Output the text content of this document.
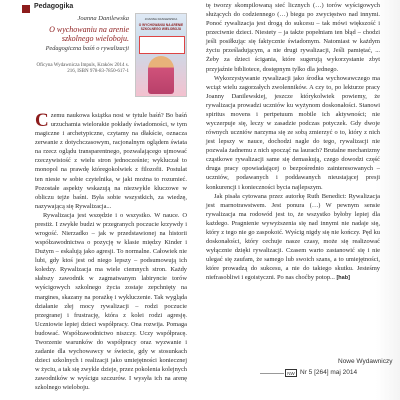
Pedagogika
Joanna Danilewska
O wychowaniu na arenie szkolnego wieloboju.
Pedagogiczna baśń o rywalizacji
Oficyna Wydawnicza Impuls, Kraków 2014 s. 216, ISBN 978-83-7850-617-1
JOANNA DANILEWSKA
O WYCHOWANIU NA ARENIE SZKOLNEGO WIELOBOJU

Czemu naukowa książka nosi w tytule baśń? Bo baśń urzuchamia wielorakie pokłady świadomości, w tym magiczne i archetypiczne, czytamy na dłakście, oznacza zerwanie z dotychczasowym, racjonalnym oglądem świata na rzecz oglądu transparentnego, pozwalającego ujmować rzeczywistość z wielu stron jednocześnie; wykluczał to monopol na prawdę któregokolwiek z filozofii. Postulat ten niesie w sobie czytelnika, w jaki można to rozumieć. Pozostałe aspekty wskazują na niezwykle kluczowe w obliczu tejże baśni. Była sobie wszystkich, za wiedzę, nazywającą się Rywalizacja...

Rywalizacja jest wszędzie i o wszystko. W nauce. O prestiż. I zwykłe budzi w przegranych poczucie krzywdy i wrogość. Nierzadko – jak w przedstawionej na historii współzawodnictwa o pozycję w klasie między Kinder i Dużym – eskalują jako agresji. To normalne. Całowiek nie lubi, gdy ktoś jest od niego lepszy – podsumowują ich koledzy. Rywalizacja ma wiele ciemnych stron. Każdy słabszy zawodnik w zagmatwanym labiryncie torów wyścigowych szkolnego życia zostaje zepchnięty na margines, skazany na porażkę i wykluczenie. Tak wygląda działanie złej mocy rywalizacji – rodzi poczucie przegranej i frustrację, która z kolei rodzi agresję. Uczniowie lepiej dzieci współpracy. Ona rozwija. Pomaga budować. Współzawodnictwo niszczy. Uczy współpracę. Tworzenie warunków do współpracy oraz wyzwanie i zadanie dla wychowawcy w świecie, gdy w stosunkach dzieci szkolnych i realizacji jako umiejętności koniecznej w życiu, a tak się zwykle dzieje, przez pokolenia kolejnych zawodników w wyścigu szczurów. I wysyła ich na arenę szkolnego wieloboju.

tę tworzy skompilowaną sieć licznych (…) torów wyścigowych służących do codziennego (…) biegu po zwycięstwo nad innymi. Ponoć rywalizacja jest drogą do sukcesu – tak mówi większość i przeciwnie dzieci. Niestety – ja także popełniam ten błąd – chodzi jeśli posiłkując się faktycznie świadomym. Natomiast w każdym życiu prześladującym, a nie drugi rywalizacji, Jeśli pamiętać, ... Żeby za dzieci ścigania, które sugerują wykorzystanie zbyt przyjaźnie bibliotece, dostępnym tylko dla jednego.

Wykorzystywanie rywalizacji jako środka wychowawczego ma wciąż wielu zagorzałych zwolenników. A czy to, po lekturze pracy Joanny Danilewskiej, jeszcze którykolwiek powiemy, że rywalizacja prowadzi uczniów ku wyżynom doskonałości. Stanowi spiritus movens i pertpetuum mobile ich aktywności; nie wyczerpuje się, leczy w zasadzie podczas potyczek. Gdy dwoje równych uczniów narzyma się ze sobą zmierzyć o to, który z nich jest lepszy w nauce, dochodzi nagle do tego, rywalizacji nie pozwala żadnemu z nich spocząć na laurach? Brutalne mechanizmy cząstkowe rywalizacji same się demaskują, czego dowodzi część druga pracy opowiadającej o bezpośrednio zainteresowanych – uczniów, podawanych i poddawanych nieustającej presji konkurencji i konieczności bycia najlepszym.

Jak pisała cytowana przez autorkę Ruth Benedict: Rywalizacja jest marnotrawstwem. Jest ponura (…) W pewnym sensie rywalizacja ma rodowód jest to, że wszystko byłoby lepiej dla każdego. Pragnienie wywyższenia się nad innymi nie nadaje się, który z tego nie go zaspokoić. Wyścig nigdy się nie kończy. Pęd ku doskonałości, który cechuje nasze czasy, może się realizować wyłącznie dzięki rywalizacji. Czasem warto zastanowić się i nie ulegać się zaufam, że samego lub swoich szans, a to umiejętności, które prowadzą do sukcesu, a nie do takiego skutku. Jesteśmy niefrasobliwi i egoistyczni. Po nas choćby potop... [hab]

Nowe Wydawniczy
NW Nr 5 [264] maj 2014
